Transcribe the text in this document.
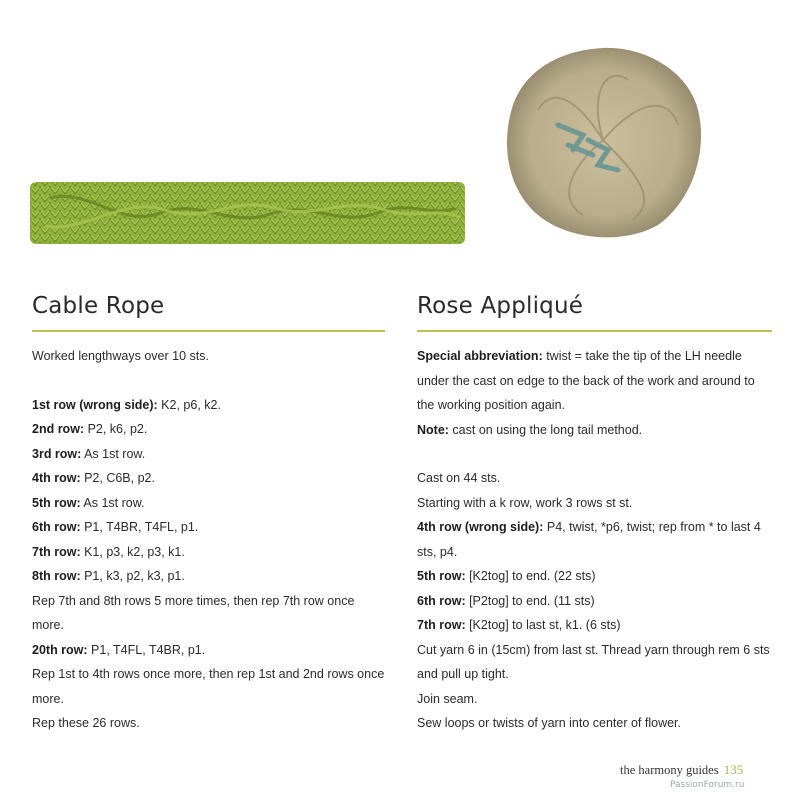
Cable Rope

Worked lengthways over 10 sts.

1st row (wrong side): K2, p6, k2.

2nd row: P2, k6, p2.

3rd row: As 1st row.

4th row: P2, C6B, p2.

5th row: As 1st row.

6th row: P1, T4BR, T4FL, p1.

7th row: K1, p3, k2, p3, k1.

8th row: P1, k3, p2, k3, p1.

Rep 7th and 8th rows 5 more times, then rep 7th row once more.

20th row: P1, T4FL, T4BR, p1.

Rep 1st to 4th rows once more, then rep 1st and 2nd rows once more.

Rep these 26 rows.

Rose Appliqué

Special abbreviation: twist = take the tip of the LH needle under the cast on edge to the back of the work and around to the working position again.

Note: cast on using the long tail method.

Cast on 44 sts.

Starting with a k row, work 3 rows st st.

4th row (wrong side): P4, twist, *p6, twist; rep from * to last 4 sts, p4.

5th row: [K2tog] to end. (22 sts)

6th row: [P2tog] to end. (11 sts)

7th row: [K2tog] to last st, k1. (6 sts)

Cut yarn 6 in (15cm) from last st. Thread yarn through rem 6 sts and pull up tight.

Join seam.

Sew loops or twists of yarn into center of flower.

the harmony guides 135
PassionForum.ru
